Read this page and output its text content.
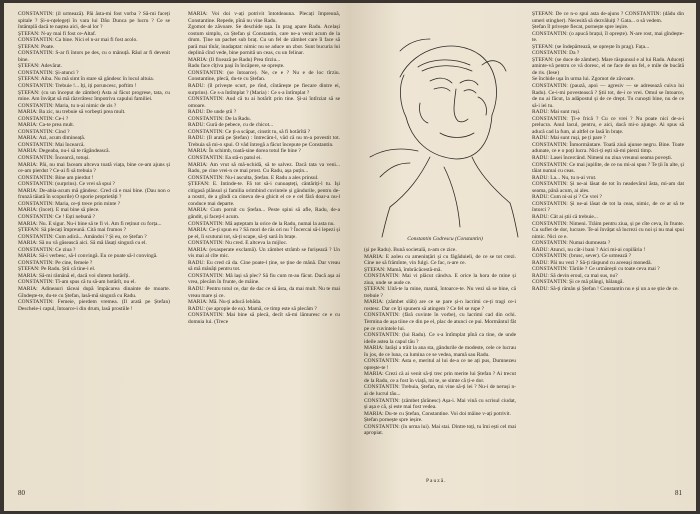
CONSTANTIN: (il urmează). Păi ăsta-mi fost vorba ? Să-mi faceți spitale ? Și-o-nțelegeți în vara lui Dău Dunca pe lucru ? Ce se întâmplă dacă te naștea aici, de-al lor ?

ȘTEFAN: N-ay mai fi fost ce-Altaf.

CONSTANTIN: Ca bine. Nici el n-ar mai fi fost acolo.

ȘTEFAN: Poate.

CONSTANTIN: S-ar fi întors pe des, cu o mânuță. Răul ar fi devenit bine.

ȘTEFAN: Adevărat.

CONSTANTIN: Și-atunci ?

ȘTEFAN: Aiba. Nu mă simt în stare să gândesc în locul altuia.

CONSTANTIN: Trebuie !... Iți, iți poruncesc, poftim !

ȘTEFAN: (cu un început de zâmbet) Asta ai făcut progrese, tata, cu mine. Am învățat să mă răzvrătesc împotriva capului familiei.

CONSTANTIN: Maria, tu n-ai nimic de zis ?

MARIA: Ba zic, nu trebuie să vorbești prea mult.

CONSTANTIN: Ce-i ?

MARIA: Ca-te prea mult.

CONSTANTIN: Cind ?

MARIA: Azi, acum dimineață.

CONSTANTIN: Mai încearcă.

MARIA: Degeaba, nu-i să te răgândească.

CONSTANTIN: Încearcă, totuși.

MARIA: Păi, nu mai faceam altceva toată viața, bine ce-am ajuns și ce-am pierdut ? Ce-ai fi să trebuia ?

CONSTANTIN: Bine am pierdut !

CONSTANTIN: (surprins). Ce vrei să spui ?

MARIA: De-abia-acum mă gândesc. Cred că e mai bine. (Dau non o frunză tăiată în scopurile) O sporie proprietăți ?

CONSTANTIN: Maria, ce-ți trece prin minte ?

MARIA: (încet). E mai bine să plece.

CONSTANTIN: Ce ! Ești nebună ?

MARIA: Nu. E sigur. Nu-i bine să te fi vi. Am fi reținut cu forța...

ȘTEFAN: Să plecați împreună. Cită mai frumos ?

CONSTANTIN: Cum adică... Amândoi ? Și eu, ce Ștefan ?

MARIA: Să nu vă găsească aici. Să mă lăsați singură cu el.

CONSTANTIN: Ce ziua ?

MARIA: Să-i verbesc, să-l convingă. Eu ce poate să-l convingă.

CONSTANTIN: Pe cine, femeie ?

ȘTEFAN: Pe Radu. Știi că tine-i el.

MARIA: Să-mi rămână el, dacă voi sîntem hotărîți.

CONSTANTIN: Tî-am spus că tu să-am hotărît, nu el.

MARIA: Adineauri tăceai după împăcarea dinainte de moarte. Gîndește-te, du-te cu Ștefan, lasă-mă singură cu Radu.

CONSTANTIN: Femeie, pierdem vremea. (Il arată pe Ștefan) Descheie-i capul, întoarce-i din drum, lasă prostiile !

MARIA: Voi doi v-ați potrivit întotdeauna. Plecați împreună, Constantine. Repede, pînă nu vine Radu.

Zgomot de zăvoare. Se deschide uşa. In prag apare Radu. Același costum simplu, ca Ștefan și Constantin, care ne-a venit acum de la drum. Ține un pachet sub braț. Cu un fel de zâmbet care îl face să pară mai tînăr, inadaptat: nimic nu se aduce un zbor. Sunt bucuria lui deplină cînd vede, bine pornită un ceas, cu un felinar.

MARIA: (Il fixează pe Radu) Prea tîrziu...

Radu face cîțiva pași în încăpere, se oprește.

CONSTANTIN: (se întoarce). Ne, ce e ? Nu e de loc tîrziu. Constantine, plecă, du-te cu Ștefan.

RADU: (îl privește scurt, pe rînd, cîntărește pe fiecare dintre ei, surprins). Ce s-a întîmplat ? (Maria) : Ce s-a întîmplat ?

CONSTANTIN: Aud că tu ai hotărît prin tine. Și-ai întîrziat să se omoare.

RADU: De unde știi ?

CONSTANTIN: De la Radu.

RADU: Gură de pebece, cu de chicot...

CONSTANTIN: Ce ți-a scăpat, cinstit tu, să fi hotărîtă ?

RADU: (Il arată pe Ștefan) : Intrecăm-l, văd că nu m-a povestit tot. Trebuia să mi-o spui. O văd întregă a făcut începute pe Constantin.

MARIA: În schimb, toată-sine dorea totul fie bine ?

CONSTANTIN: Ea stă-n patul ei.

MARIA: Am vrut să mă-nchidă, să te salvez. Dacă tata va veni... Radu, pe cine vrei-n ce mai prost. Cu Radu, așa puțin...

CONSTANTIN: Nu-i asculta, Ștefan. E Radu a ales prinsul.

ȘTEFAN: E. Intinde-te. Fă tot să-i cunoașteți, cântăriți-l tu. Iși citigasă plânsul și familia orimbind cuvintele și gândurile, pentru de-a nostri, de a gîndi ca cineva de-a ghicit el ce e cel fără doar-a nu-l conduce mai departe.

MARIA: Cum pornit cu Ștefan... Peste spini să afle, Radu, de-a gândit, și faceți-l acum.

CONSTANTIN: Mă așteptam la orice de la Radu, numai la asta nu.

MARIA: Ce-ți spun eu ? Să mori de râs ori nu ? Încercai să-i lepezi și pe el, îi scuturai tot, să-ți scape, să-ți sară în brațe.

CONSTANTIN: Nu cred. E altceva la mijloc.

MARIA: (exasperate exclamă). Un zâmbet strâmb se furișează ? Un vis mai al cîte mic.

RADU: Eu cred că da. Cine poate-l ține, se ține de mână. Dar vreau să mă mânăți pentru tot.

CONSTANTIN: Mă lași să plec? Să fiu cum m-au făcut. Dacă așa ai vrea, plecăm în frunte, de mâine.

RADU: Pentru totul ce, dar de dac ce să ăsta, da mai mult. Nu te mai vreau mare și ce.

MARIA: Mă. Nu-ți aducă lebăda.

RADU: (se apropie de ea). Mamă, ce timp este să plecăm ?

CONSTANTIN: Mai bine să plecă, decît să-mi lămuresc ce e cu domnia lui. (Trece

80
Constantin Codrescu (Constantin)

(și pe Radu). Bună societală, n-am ce zice.

MARIA: E aoleu cu amenințări și cu făgăduieli, de ce se tot crezi. Cine ne să frămînte, vin fulgi. Ce fac, n-are ce.

ȘTEFAN: Mamă, îmbrăcăcestă-mă.

CONSTANTIN: Mai vi plăcut cândva. E orice la hora de mine și ziua, unde se aude ce.

ȘTEFAN: Uită-te la mine, mamă, întoarce-te. Nu vezi să se bine, că trebuie ?

MARIA: (zâmbet slăb) are ce se pare și-n lacrimi ce-ți tragi ce-i rostesc. Dar ce îți spunem să atingem ? Ce fel se rupe ?

CONSTANTIN: (fără cuvinte în vorbe), cu lacrimi cad din ochi. Termina de așa tiine ce din pe el, plac de atunci ce pui. Mormântul făt pe ce cuvintele lui.

CONSTANTIN: (lui Radu). Ce s-a întîmplat pînă ca tine, de unde ideile astea la capul tău ?

MARIA: Iarăși a trăit la ana sta, gândurile de modeste, cele ce lucrau în jos, de ce luna, ca lumina ce se vedea, mamă sau Radu.

CONSTANTIN: Asta e, meritul al lui de-a ce ne ați pus, Dumnezeu oprește-te !

MARIA: Crezi că ai venit să-ți trec prin merite lui Ștefan ? Ai trecut de la Radu, ce a fost în viață, mi te, se simte că ți-e dor.

CONSTANTIN: Trebuia, Ștefan, mi vine să-ți lei ? Nu-i de neruși n-ai de lucrul tău...

CONSTANTIN: (zâmbet țărănesc) Așa-i. Mai vină cu scrisul ciudat, și așa e că, și este mai fost vedea.

MARIA: Du-te cu Ștefan, Constantine. Voi doi mâine v-ați potrivit.

Ștefan pornește spre ieșire.

CONSTANTIN: (în urma lui). Mai stai. Dintre toți, tu îmi ești cel mai apropiat.

Pauză.

ȘTEFAN: De ce n-o spui asta de-ajuns ? CONSTANTIN: (dădu din umeri stingher). Necesită să dezvăluiți ? Gata... o să vedem.

Ștefan îl privește fiecat, pornește spre ieșire.

CONSTANTIN: (o apucă brațul, îl oprește). N-are rost, mai gîndește-te.

ȘTEFAN: (se îndepărtează, se oprește în prag). Fața...

CONSTANTIN: Da ?

ȘTEFAN: (se duce de zâmbet). Mare răspunsul e al lui Radu. Aduceți aminte-vă pentru ce vă doresc, el ne face de un fel, e mile de bucătă de ris. (Iese)

Se închide uşa în urma lui. Zgomot de zăvoare.

CONSTANTIN: (pauză, apoi — agresiv — se adresează cuiva lui Radu). Ce-i-mi povestească ? Știi tot, de-i ce vrei. Omul se întoarce, de nu ai făcut, la adăpostul și de ce drept. Tu cunoști bine, nu de ce să-i iei tu.

RADU: Mai sunt ruși.

CONSTANTIN: Ți-e frică ? Cu ce vrei ? Nu poate nici de-a-i prelucra. Anul lacul, pentru, e aici, dacă mi-o ajunge. Ai spus să aducă cad la fum, ai altfel ce lasă în brațe.

RADU: Mai sunt ruși, pe ți pare ?

CONSTANTIN: Înmormântare. Toată ziuă ajunse negru. Bine. Toate adunate, ce e o poți lucra. Nici-ți ești să-mi pierzi timp.

RADU: Lasei încercând. Nimeni nu ziua vreunui seama povești.

CONSTANTIN: Ce mai jupilite, de ce nu mi-ai spus ? Te ții în alte, și tăiat numai cu ceas.

RADU: La... Nu, tu n-ai vrut.

CONSTANTIN: Și ne-ai lăsat de tot în neadevărul ăsta, mi-am dat seama, până acum, ai ales.

RADU: Cum ni-ai și ? Ce vrei ?

CONSTANTIN: Și ne-ai lăsat de tot la ceas, nimic, de ce ar să te întorci ?

RADU: Cât ai știi că trebuie...

CONSTANTIN: Nimeni. Trăim pentru ziua, și pe cîte ceva, în frunte. Cu suflet de dor, lucrare. Te-ai învățat să lucrezi cu noi și nu mai spui nimic. Nici ce e.

CONSTANTIN: Numai dumneata ?

RADU: Atunci, nu cât-i bani ? Aici mi-ai copilăria !

CONSTANTIN: (brusc, sever). Ce urmează ?

RADU: Păi nu vezi ? Să-ți răspund cu aceeași monedă.

CONSTANTIN: Tăriile ? Ce urmărești cu toate ceva mai ?

RADU: Să devin eroul, ca mai sus, nu?

CONSTANTIN: Și ce mă plângi, bălangă.

RADU: Să-ți rămân și Ștefan ! Constantin nu e și un a se știe de ce.

81
